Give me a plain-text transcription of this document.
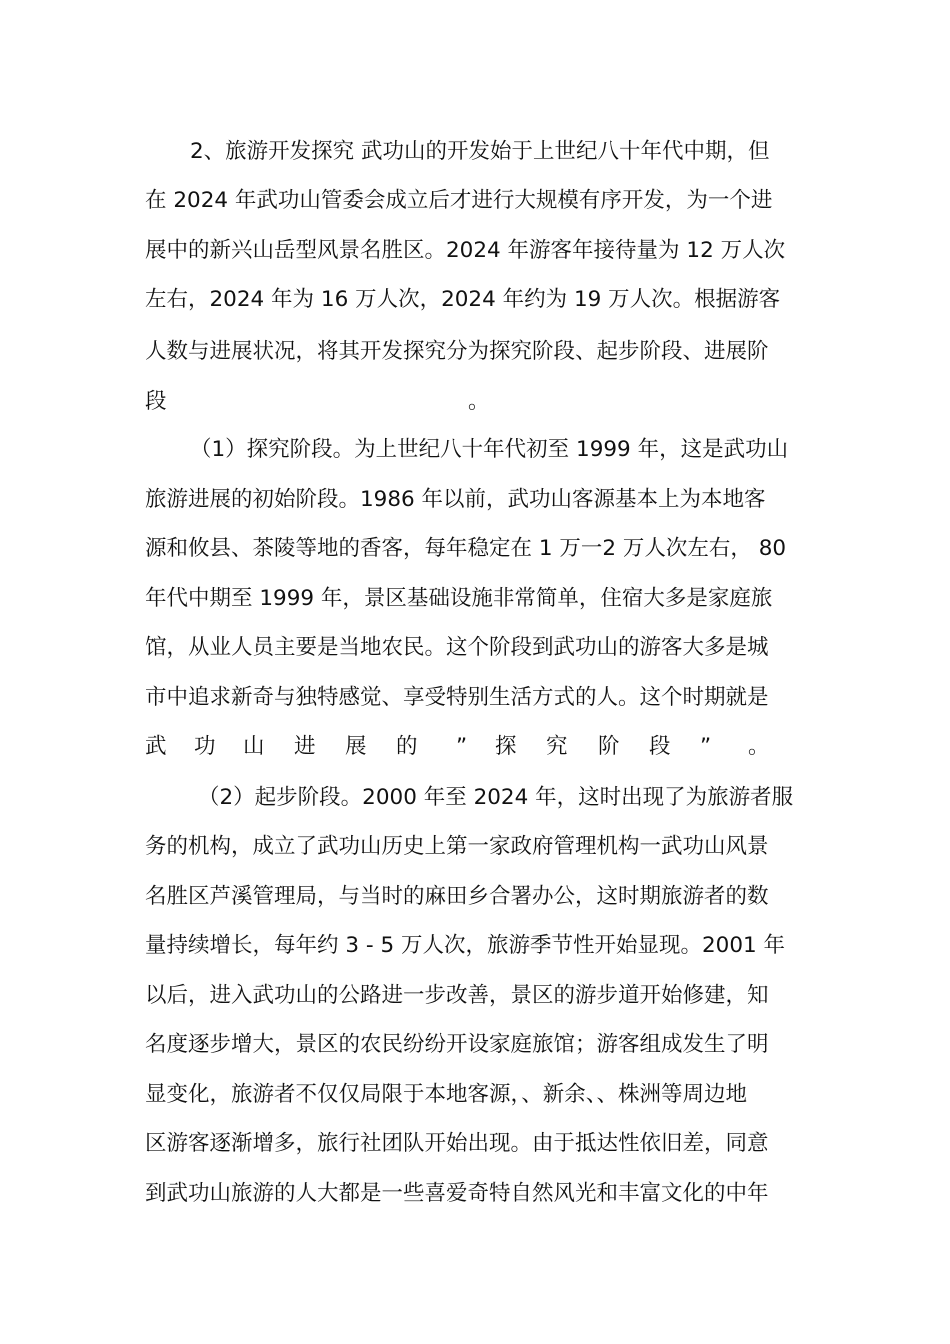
2、旅游开发探究 武功山的开发始于上世纪八十年代中期，但
在 2024 年武功山管委会成立后才进行大规模有序开发，为一个进
展中的新兴山岳型风景名胜区。2024 年游客年接待量为 12 万人次
左右，2024 年为 16 万人次，2024 年约为 19 万人次。根据游客
人数与进展状况，将其开发探究分为探究阶段、起步阶段、进展阶
段	。
（1）探究阶段。为上世纪八十年代初至 1999 年，这是武功山
旅游进展的初始阶段。1986 年以前，武功山客源基本上为本地客
源和攸县、茶陵等地的香客，每年稳定在 1 万一2 万人次左右， 80
年代中期至 1999 年，景区基础设施非常简单，住宿大多是家庭旅
馆，从业人员主要是当地农民。这个阶段到武功山的游客大多是城
市中追求新奇与独特感觉、享受特别生活方式的人。这个时期就是
武 功 山 进 展 的 ” 探 究 阶 段 ” 。
（2）起步阶段。2000 年至 2024 年，这时出现了为旅游者服
务的机构，成立了武功山历史上第一家政府管理机构一武功山风景
名胜区芦溪管理局，与当时的麻田乡合署办公，这时期旅游者的数
量持续增长，每年约 3 - 5 万人次，旅游季节性开始显现。2001 年
以后，进入武功山的公路进一步改善，景区的游步道开始修建，知
名度逐步增大，景区的农民纷纷开设家庭旅馆；游客组成发生了明
显变化，旅游者不仅仅局限于本地客源，、新余、、株洲等周边地
区游客逐渐增多，旅行社团队开始出现。由于抵达性依旧差，同意
到武功山旅游的人大都是一些喜爱奇特自然风光和丰富文化的中年
